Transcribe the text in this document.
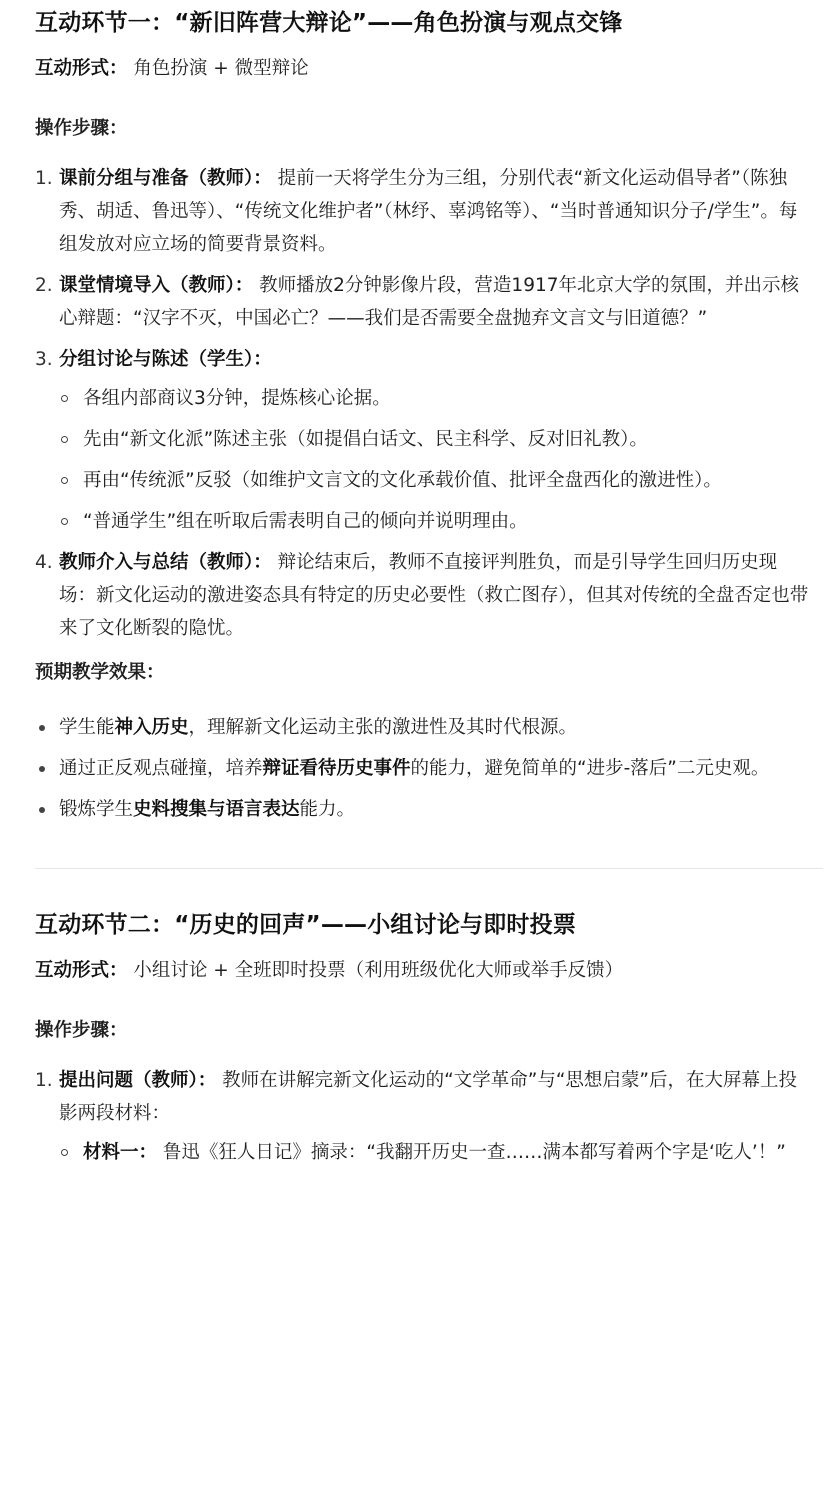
互动环节一：“新旧阵营大辩论”——角色扮演与观点交锋

互动形式： 角色扮演 + 微型辩论

操作步骤：
1. 课前分组与准备（教师）： 提前一天将学生分为三组，分别代表“新文化运动倡导者”（陈独秀、胡适、鲁迅等）、“传统文化维护者”（林纾、辜鸿铭等）、“当时普通知识分子/学生”。每组发放对应立场的简要背景资料。
2. 课堂情境导入（教师）： 教师播放2分钟影像片段，营造1917年北京大学的氛围，并出示核心辩题：“汉字不灭，中国必亡？——我们是否需要全盘抛弃文言文与旧道德？”
3. 分组讨论与陈述（学生）：
各组内部商议3分钟，提炼核心论据。
先由“新文化派”陈述主张（如提倡白话文、民主科学、反对旧礼教）。
再由“传统派”反驳（如维护文言文的文化承载价值、批评全盘西化的激进性）。
“普通学生”组在听取后需表明自己的倾向并说明理由。
4. 教师介入与总结（教师）： 辩论结束后，教师不直接评判胜负，而是引导学生回归历史现场：新文化运动的激进姿态具有特定的历史必要性（救亡图存），但其对传统的全盘否定也带来了文化断裂的隐忧。
预期教学效果：
学生能神入历史，理解新文化运动主张的激进性及其时代根源。
通过正反观点碰撞，培养辩证看待历史事件的能力，避免简单的“进步-落后”二元史观。
锻炼学生史料搜集与语言表达能力。
互动环节二：“历史的回声”——小组讨论与即时投票

互动形式： 小组讨论 + 全班即时投票（利用班级优化大师或举手反馈）

操作步骤：
1. 提出问题（教师）： 教师在讲解完新文化运动的“文学革命”与“思想启蒙”后，在大屏幕上投影两段材料：
材料一： 鲁迅《狂人日记》摘录：“我翻开历史一查……满本都写着两个字是‘吃人’！”
